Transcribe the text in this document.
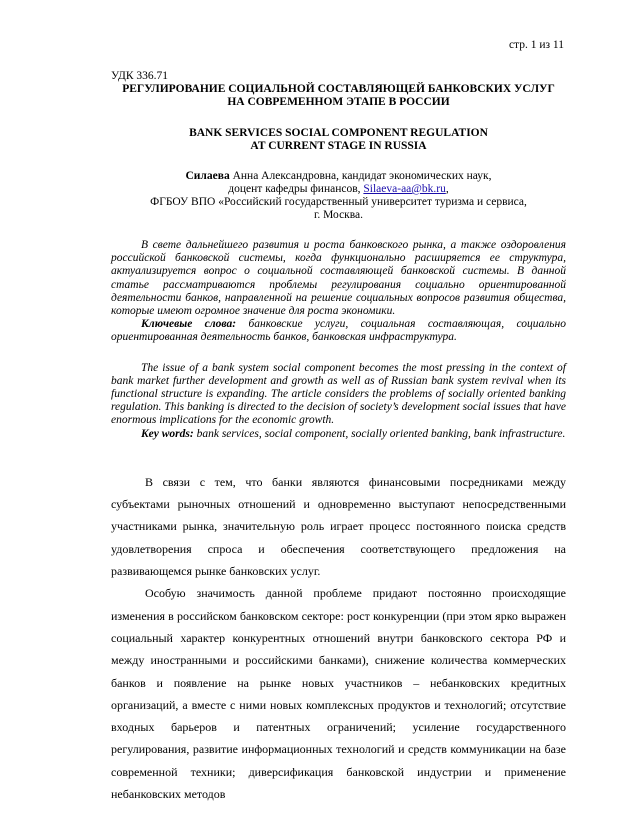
стр. 1 из 11
УДК 336.71
РЕГУЛИРОВАНИЕ СОЦИАЛЬНОЙ СОСТАВЛЯЮЩЕЙ БАНКОВСКИХ УСЛУГ
НА СОВРЕМЕННОМ ЭТАПЕ В РОССИИ
BANK SERVICES SOCIAL COMPONENT REGULATION
AT CURRENT STAGE IN RUSSIA
Силаева Анна Александровна, кандидат экономических наук,
доцент кафедры финансов, Silaeva-aa@bk.ru,
ФГБОУ ВПО «Российский государственный университет туризма и сервиса,
г. Москва.

В свете дальнейшего развития и роста банковского рынка, а также оздоровления российской банковской системы, когда функционально расширяется ее структура, актуализируется вопрос о социальной составляющей банковской системы. В данной статье рассматриваются проблемы регулирования социально ориентированной деятельности банков, направленной на решение социальных вопросов развития общества, которые имеют огромное значение для роста экономики.

Ключевые слова: банковские услуги, социальная составляющая, социально ориентированная деятельность банков, банковская инфраструктура.

The issue of a bank system social component becomes the most pressing in the context of bank market further development and growth as well as of Russian bank system revival when its functional structure is expanding. The article considers the problems of socially oriented banking regulation. This banking is directed to the decision of society’s development social issues that have enormous implications for the economic growth.

Key words: bank services, social component, socially oriented banking, bank infrastructure.

В связи с тем, что банки являются финансовыми посредниками между субъектами рыночных отношений и одновременно выступают непосредственными участниками рынка, значительную роль играет процесс постоянного поиска средств удовлетворения спроса и обеспечения соответствующего предложения на развивающемся рынке банковских услуг.

Особую значимость данной проблеме придают постоянно происходящие изменения в российском банковском секторе: рост конкуренции (при этом ярко выражен социальный характер конкурентных отношений внутри банковского сектора РФ и между иностранными и российскими банками), снижение количества коммерческих банков и появление на рынке новых участников – небанковских кредитных организаций, а вместе с ними новых комплексных продуктов и технологий; отсутствие входных барьеров и патентных ограничений; усиление государственного регулирования, развитие информационных технологий и средств коммуникации на базе современной техники; диверсификация банковской индустрии и применение небанковских методов
